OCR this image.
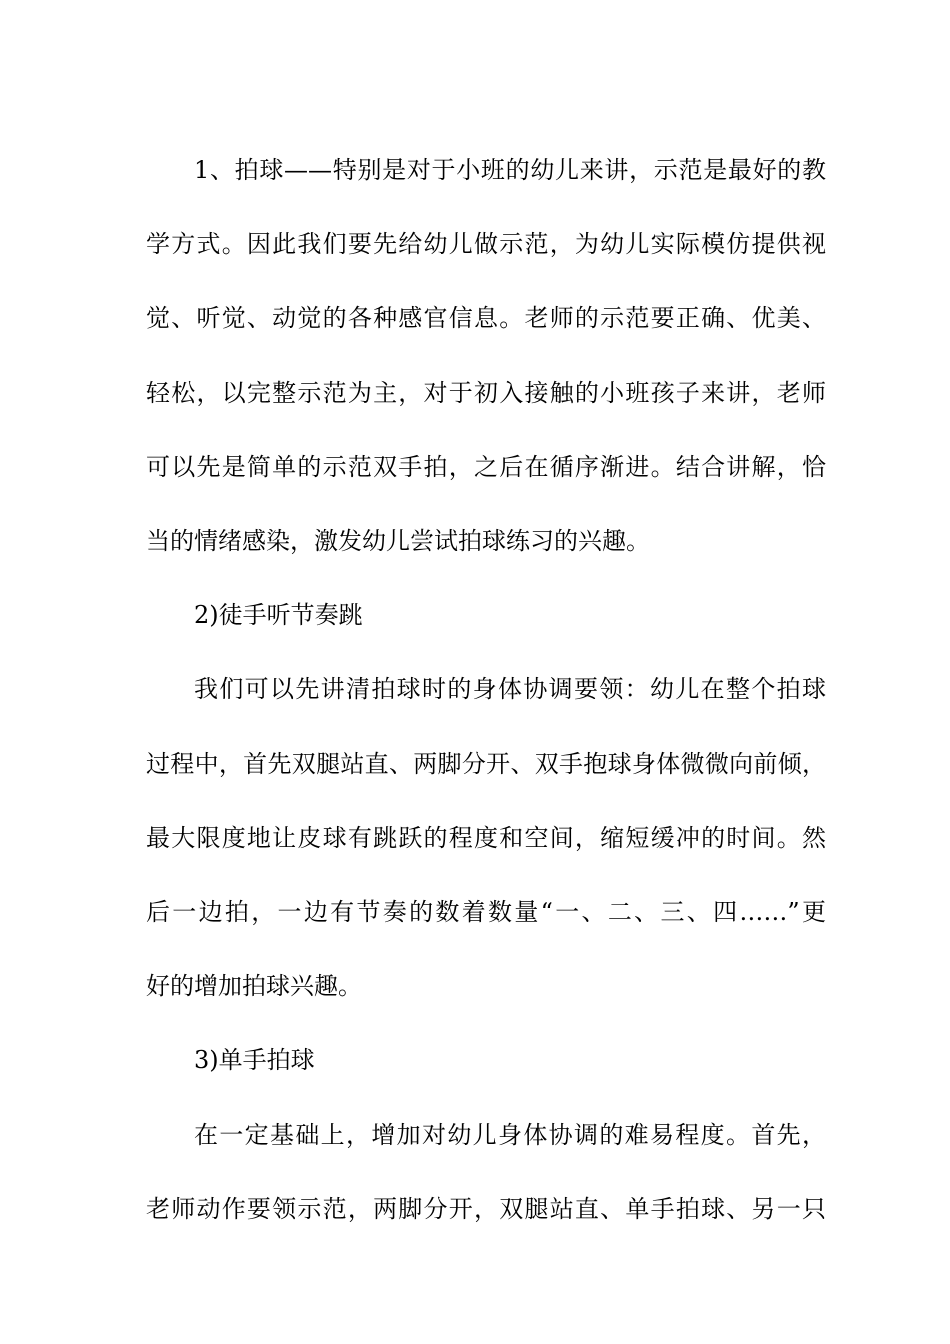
1、拍球——特别是对于小班的幼儿来讲，示范是最好的教
学方式。因此我们要先给幼儿做示范，为幼儿实际模仿提供视
觉、听觉、动觉的各种感官信息。老师的示范要正确、优美、
轻松，以完整示范为主，对于初入接触的小班孩子来讲，老师
可以先是简单的示范双手拍，之后在循序渐进。结合讲解，恰
当的情绪感染，激发幼儿尝试拍球练习的兴趣。
2)徒手听节奏跳
我们可以先讲清拍球时的身体协调要领：幼儿在整个拍球
过程中，首先双腿站直、两脚分开、双手抱球身体微微向前倾，
最大限度地让皮球有跳跃的程度和空间，缩短缓冲的时间。然
后一边拍，一边有节奏的数着数量“一、二、三、四……”更
好的增加拍球兴趣。
3)单手拍球
在一定基础上，增加对幼儿身体协调的难易程度。首先，
老师动作要领示范，两脚分开，双腿站直、单手拍球、另一只
